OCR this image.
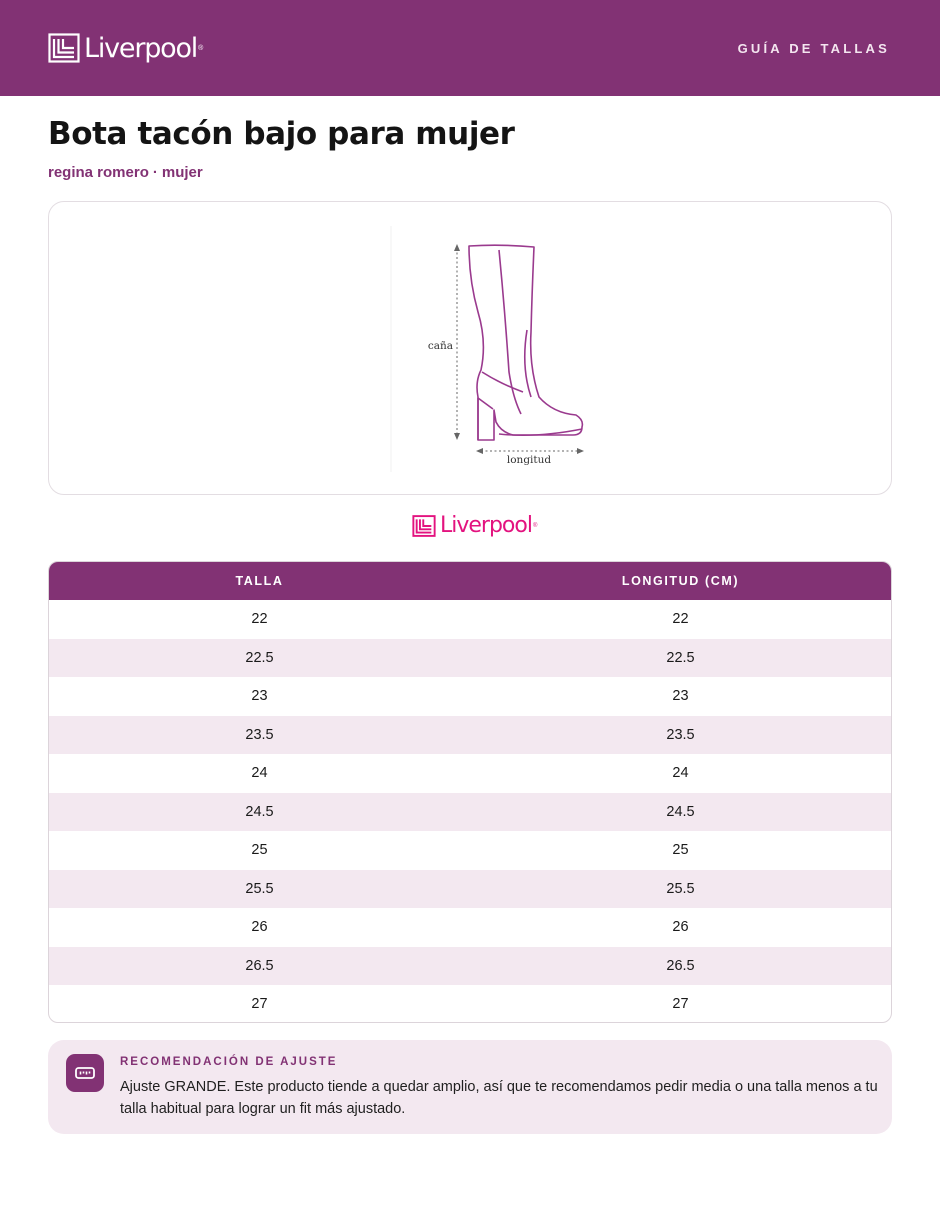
Liverpool ®	GUÍA DE TALLAS
Bota tacón bajo para mujer
regina romero · mujer
caña
longitud
Liverpool ®
TALLA	LONGITUD (CM)
22	22
22.5	22.5
23	23
23.5	23.5
24	24
24.5	24.5
25	25
25.5	25.5
26	26
26.5	26.5
27	27
RECOMENDACIÓN DE AJUSTE

Ajuste GRANDE. Este producto tiende a quedar amplio, así que te recomendamos pedir media o una talla menos a tu talla habitual para lograr un fit más ajustado.
